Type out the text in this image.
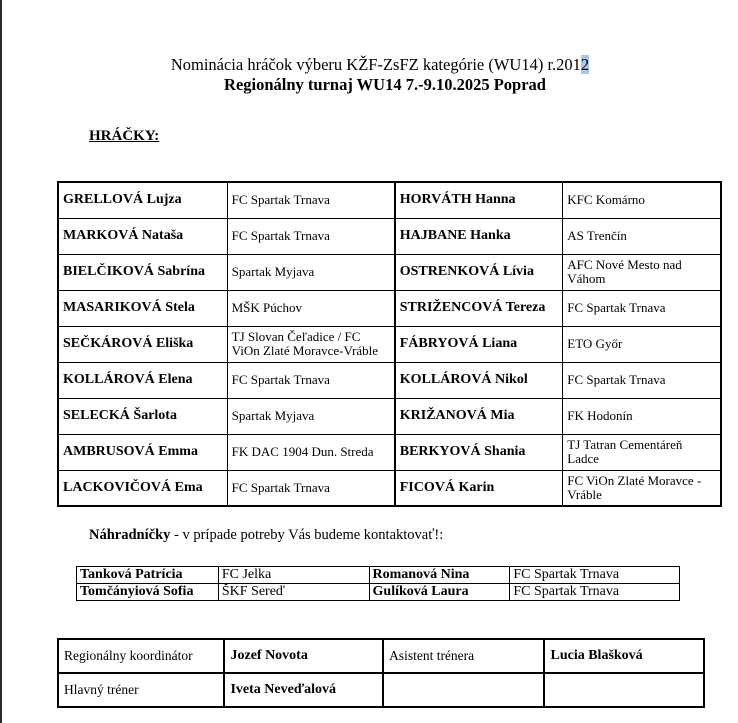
Nominácia hráčok výberu KŽF-ZsFZ kategórie (WU14) r.2012
Regionálny turnaj WU14 7.-9.10.2025 Poprad
HRÁČKY:
GRELLOVÁ Lujza	FC Spartak Trnava	HORVÁTH Hanna	KFC Komárno
MARKOVÁ Nataša	FC Spartak Trnava	HAJBANE Hanka	AS Trenčín
BIELČIKOVÁ Sabrína	Spartak Myjava	OSTRENKOVÁ Lívia	AFC Nové Mesto nad Váhom
MASARIKOVÁ Stela	MŠK Púchov	STRIŽENCOVÁ Tereza	FC Spartak Trnava
SEČKÁROVÁ Eliška	TJ Slovan Čeľadice / FC ViOn Zlaté Moravce-Vráble	FÁBRYOVÁ Liana	ETO Győr
KOLLÁROVÁ Elena	FC Spartak Trnava	KOLLÁROVÁ Nikol	FC Spartak Trnava
SELECKÁ Šarlota	Spartak Myjava	KRIŽANOVÁ Mia	FK Hodonín
AMBRUSOVÁ Emma	FK DAC 1904 Dun. Streda	BERKYOVÁ Shania	TJ Tatran Cementáreň Ladce
LACKOVIČOVÁ Ema	FC Spartak Trnava	FICOVÁ Karin	FC ViOn Zlaté Moravce - Vráble
Náhradníčky - v prípade potreby Vás budeme kontaktovať!:
Tanková Patrícia	FC Jelka	Romanová Nina	FC Spartak Trnava
Tomčányiová Sofia	ŠKF Sereď	Gulíková Laura	FC Spartak Trnava
Regionálny koordinátor	Jozef Novota	Asistent trénera	Lucia Blašková
Hlavný tréner	Iveta Neveďalová		
